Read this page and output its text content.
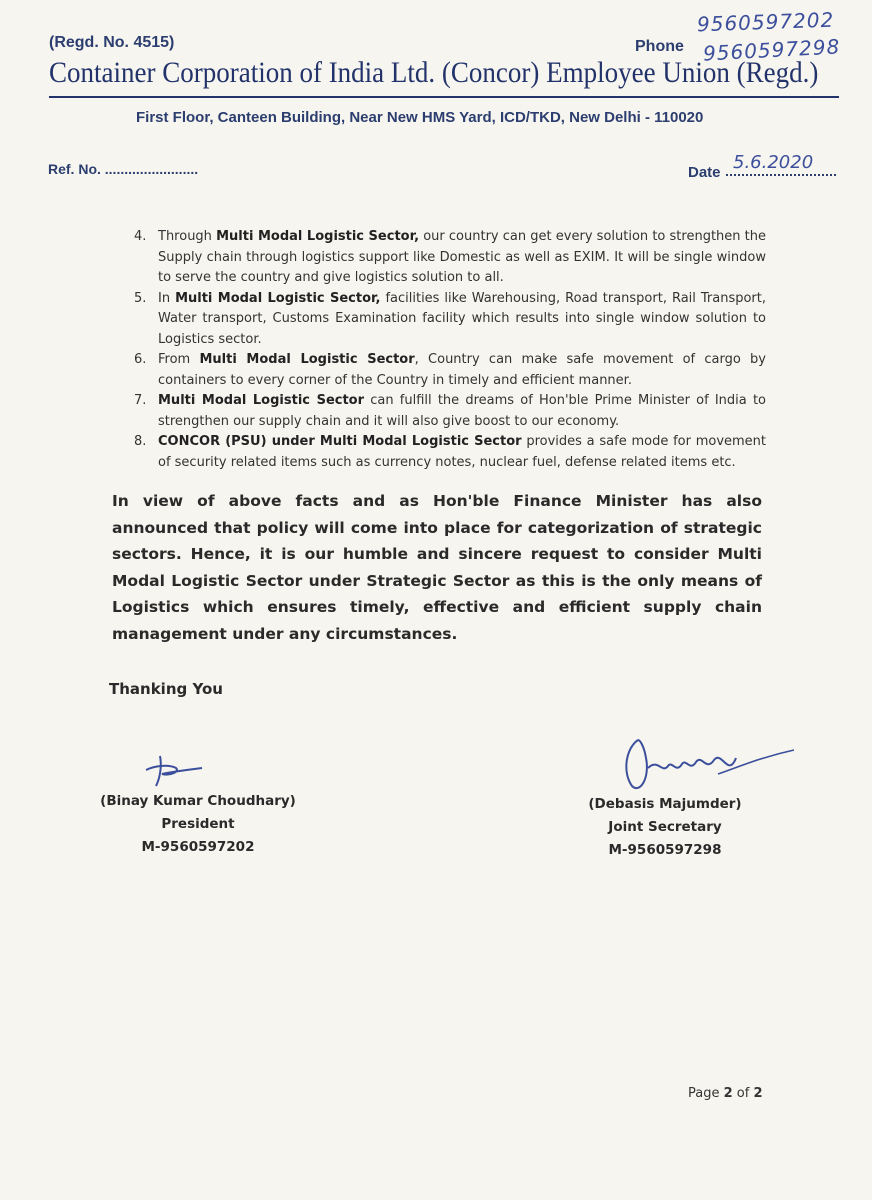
(Regd. No. 4515)
9560597202
9560597298
Phone
Container Corporation of India Ltd. (Concor) Employee Union (Regd.)
First Floor, Canteen Building, Near New HMS Yard, ICD/TKD, New Delhi - 110020
Ref. No. ........................	Date 5.6.2020
4. Through Multi Modal Logistic Sector, our country can get every solution to strengthen the Supply chain through logistics support like Domestic as well as EXIM. It will be single window to serve the country and give logistics solution to all.
5. In Multi Modal Logistic Sector, facilities like Warehousing, Road transport, Rail Transport, Water transport, Customs Examination facility which results into single window solution to Logistics sector.
6. From Multi Modal Logistic Sector, Country can make safe movement of cargo by containers to every corner of the Country in timely and efficient manner.
7. Multi Modal Logistic Sector can fulfill the dreams of Hon'ble Prime Minister of India to strengthen our supply chain and it will also give boost to our economy.
8. CONCOR (PSU) under Multi Modal Logistic Sector provides a safe mode for movement of security related items such as currency notes, nuclear fuel, defense related items etc.
In view of above facts and as Hon'ble Finance Minister has also announced that policy will come into place for categorization of strategic sectors. Hence, it is our humble and sincere request to consider Multi Modal Logistic Sector under Strategic Sector as this is the only means of Logistics which ensures timely, effective and efficient supply chain management under any circumstances.
Thanking You
(Binay Kumar Choudhary)
President
M-9560597202
(Debasis Majumder)
Joint Secretary
M-9560597298
Page 2 of 2
